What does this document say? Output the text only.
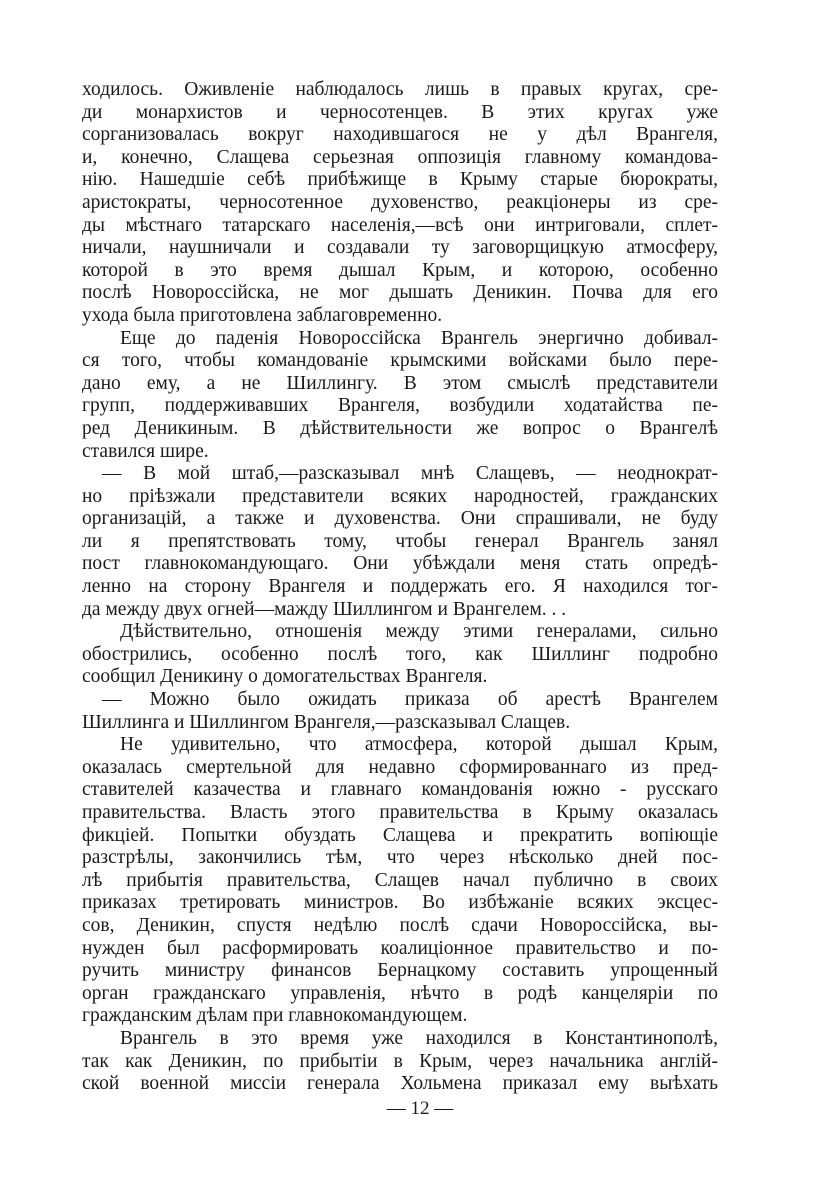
ходилось. Оживленіе наблюдалось лишь в правых кругах, сре-
ди монархистов и черносотенцев. В этих кругах уже
сорганизовалась вокруг находившагося не у дѣл Врангеля,
и, конечно, Слащева серьезная оппозиція главному командова-
нію. Нашедшіе себѣ прибѣжище в Крыму старые бюрократы,
аристократы, черносотенное духовенство, реакціонеры из сре-
ды мѣстнаго татарскаго населенія,—всѣ они интриговали, сплет-
ничали, наушничали и создавали ту заговорщицкую атмосферу,
которой в это время дышал Крым, и которою, особенно
послѣ Новороссійска, не мог дышать Деникин. Почва для его
ухода была приготовлена заблаговременно.
Еще до паденія Новороссійска Врангель энергично добивал-
ся того, чтобы командованіе крымскими войсками было пере-
дано ему, а не Шиллингу. В этом смыслѣ представители
групп, поддерживавших Врангеля, возбудили ходатайства пе-
ред Деникиным. В дѣйствительности же вопрос о Врангелѣ
ставился шире.
— В мой штаб,—разсказывал мнѣ Слащевъ, — неоднократ-
но пріѣзжали представители всяких народностей, гражданских
организацій, а также и духовенства. Они спрашивали, не буду
ли я препятствовать тому, чтобы генерал Врангель занял
пост главнокомандующаго. Они убѣждали меня стать опредѣ-
ленно на сторону Врангеля и поддержать его. Я находился тог-
да между двух огней—мажду Шиллингом и Врангелем. . .
Дѣйствительно, отношенія между этими генералами, сильно
обострились, особенно послѣ того, как Шиллинг подробно
сообщил Деникину о домогательствах Врангеля.
— Можно было ожидать приказа об арестѣ Врангелем
Шиллинга и Шиллингом Врангеля,—разсказывал Слащев.
Не удивительно, что атмосфера, которой дышал Крым,
оказалась смертельной для недавно сформированнаго из пред-
ставителей казачества и главнаго командованія южно - русскаго
правительства. Власть этого правительства в Крыму оказалась
фикціей. Попытки обуздать Слащева и прекратить вопіющіе
разстрѣлы, закончились тѣм, что через нѣсколько дней пос-
лѣ прибытія правительства, Слащев начал публично в своих
приказах третировать министров. Во избѣжаніе всяких эксцес-
сов, Деникин, спустя недѣлю послѣ сдачи Новороссійска, вы-
нужден был расформировать коалиціонное правительство и по-
ручить министру финансов Бернацкому составить упрощенный
орган гражданскаго управленія, нѣчто в родѣ канцеляріи по
гражданским дѣлам при главнокомандующем.
Врангель в это время уже находился в Константинополѣ,
так как Деникин, по прибытіи в Крым, через начальника англій-
ской военной миссіи генерала Хольмена приказал ему выѣхать
— 12 —
